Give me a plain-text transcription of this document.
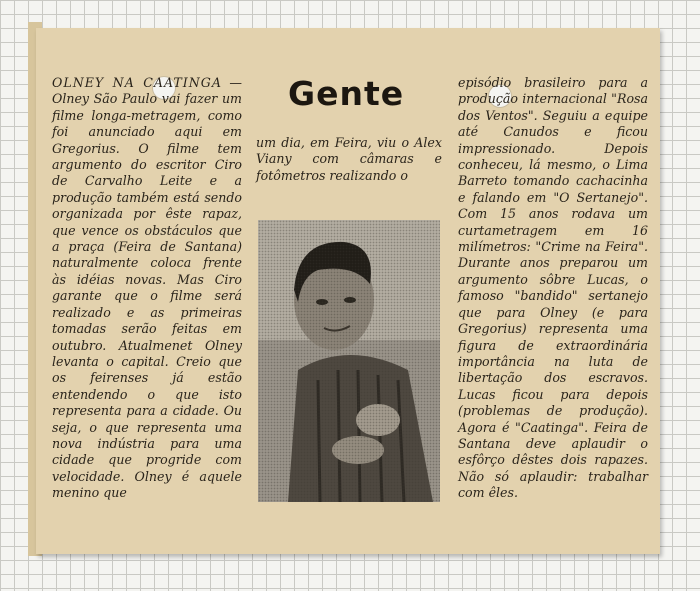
Gente
OLNEY NA CAATINGA — Olney São Paulo vai fazer um filme longa-metragem, como foi anunciado aqui em Gregorius. O filme tem argumento do escritor Ciro de Carvalho Leite e a produção também está sendo organizada por êste rapaz, que vence os obstáculos que a praça (Feira de Santana) naturalmente coloca frente às idéias novas. Mas Ciro garante que o filme será realizado e as primeiras tomadas serão feitas em outubro. Atualmenet Olney levanta o capital. Creio que os feirenses já estão entendendo o que isto representa para a cidade. Ou seja, o que representa uma nova indústria para uma cidade que progride com velocidade. Olney é aquele menino que
um dia, em Feira, viu o Alex Viany com câmaras e fotômetros realizando o
episódio brasileiro para a produção internacional "Rosa dos Ventos". Seguiu a equipe até Canudos e ficou impressionado. Depois conheceu, lá mesmo, o Lima Barreto tomando cachacinha e falando em "O Sertanejo". Com 15 anos rodava um curtametragem em 16 milímetros: "Crime na Feira". Durante anos preparou um argumento sôbre Lucas, o famoso "bandido" sertanejo que para Olney (e para Gregorius) representa uma figura de extraordinária importância na luta de libertação dos escravos. Lucas ficou para depois (problemas de produção). Agora é "Caatinga". Feira de Santana deve aplaudir o esfôrço dêstes dois rapazes. Não só aplaudir: trabalhar com êles.
